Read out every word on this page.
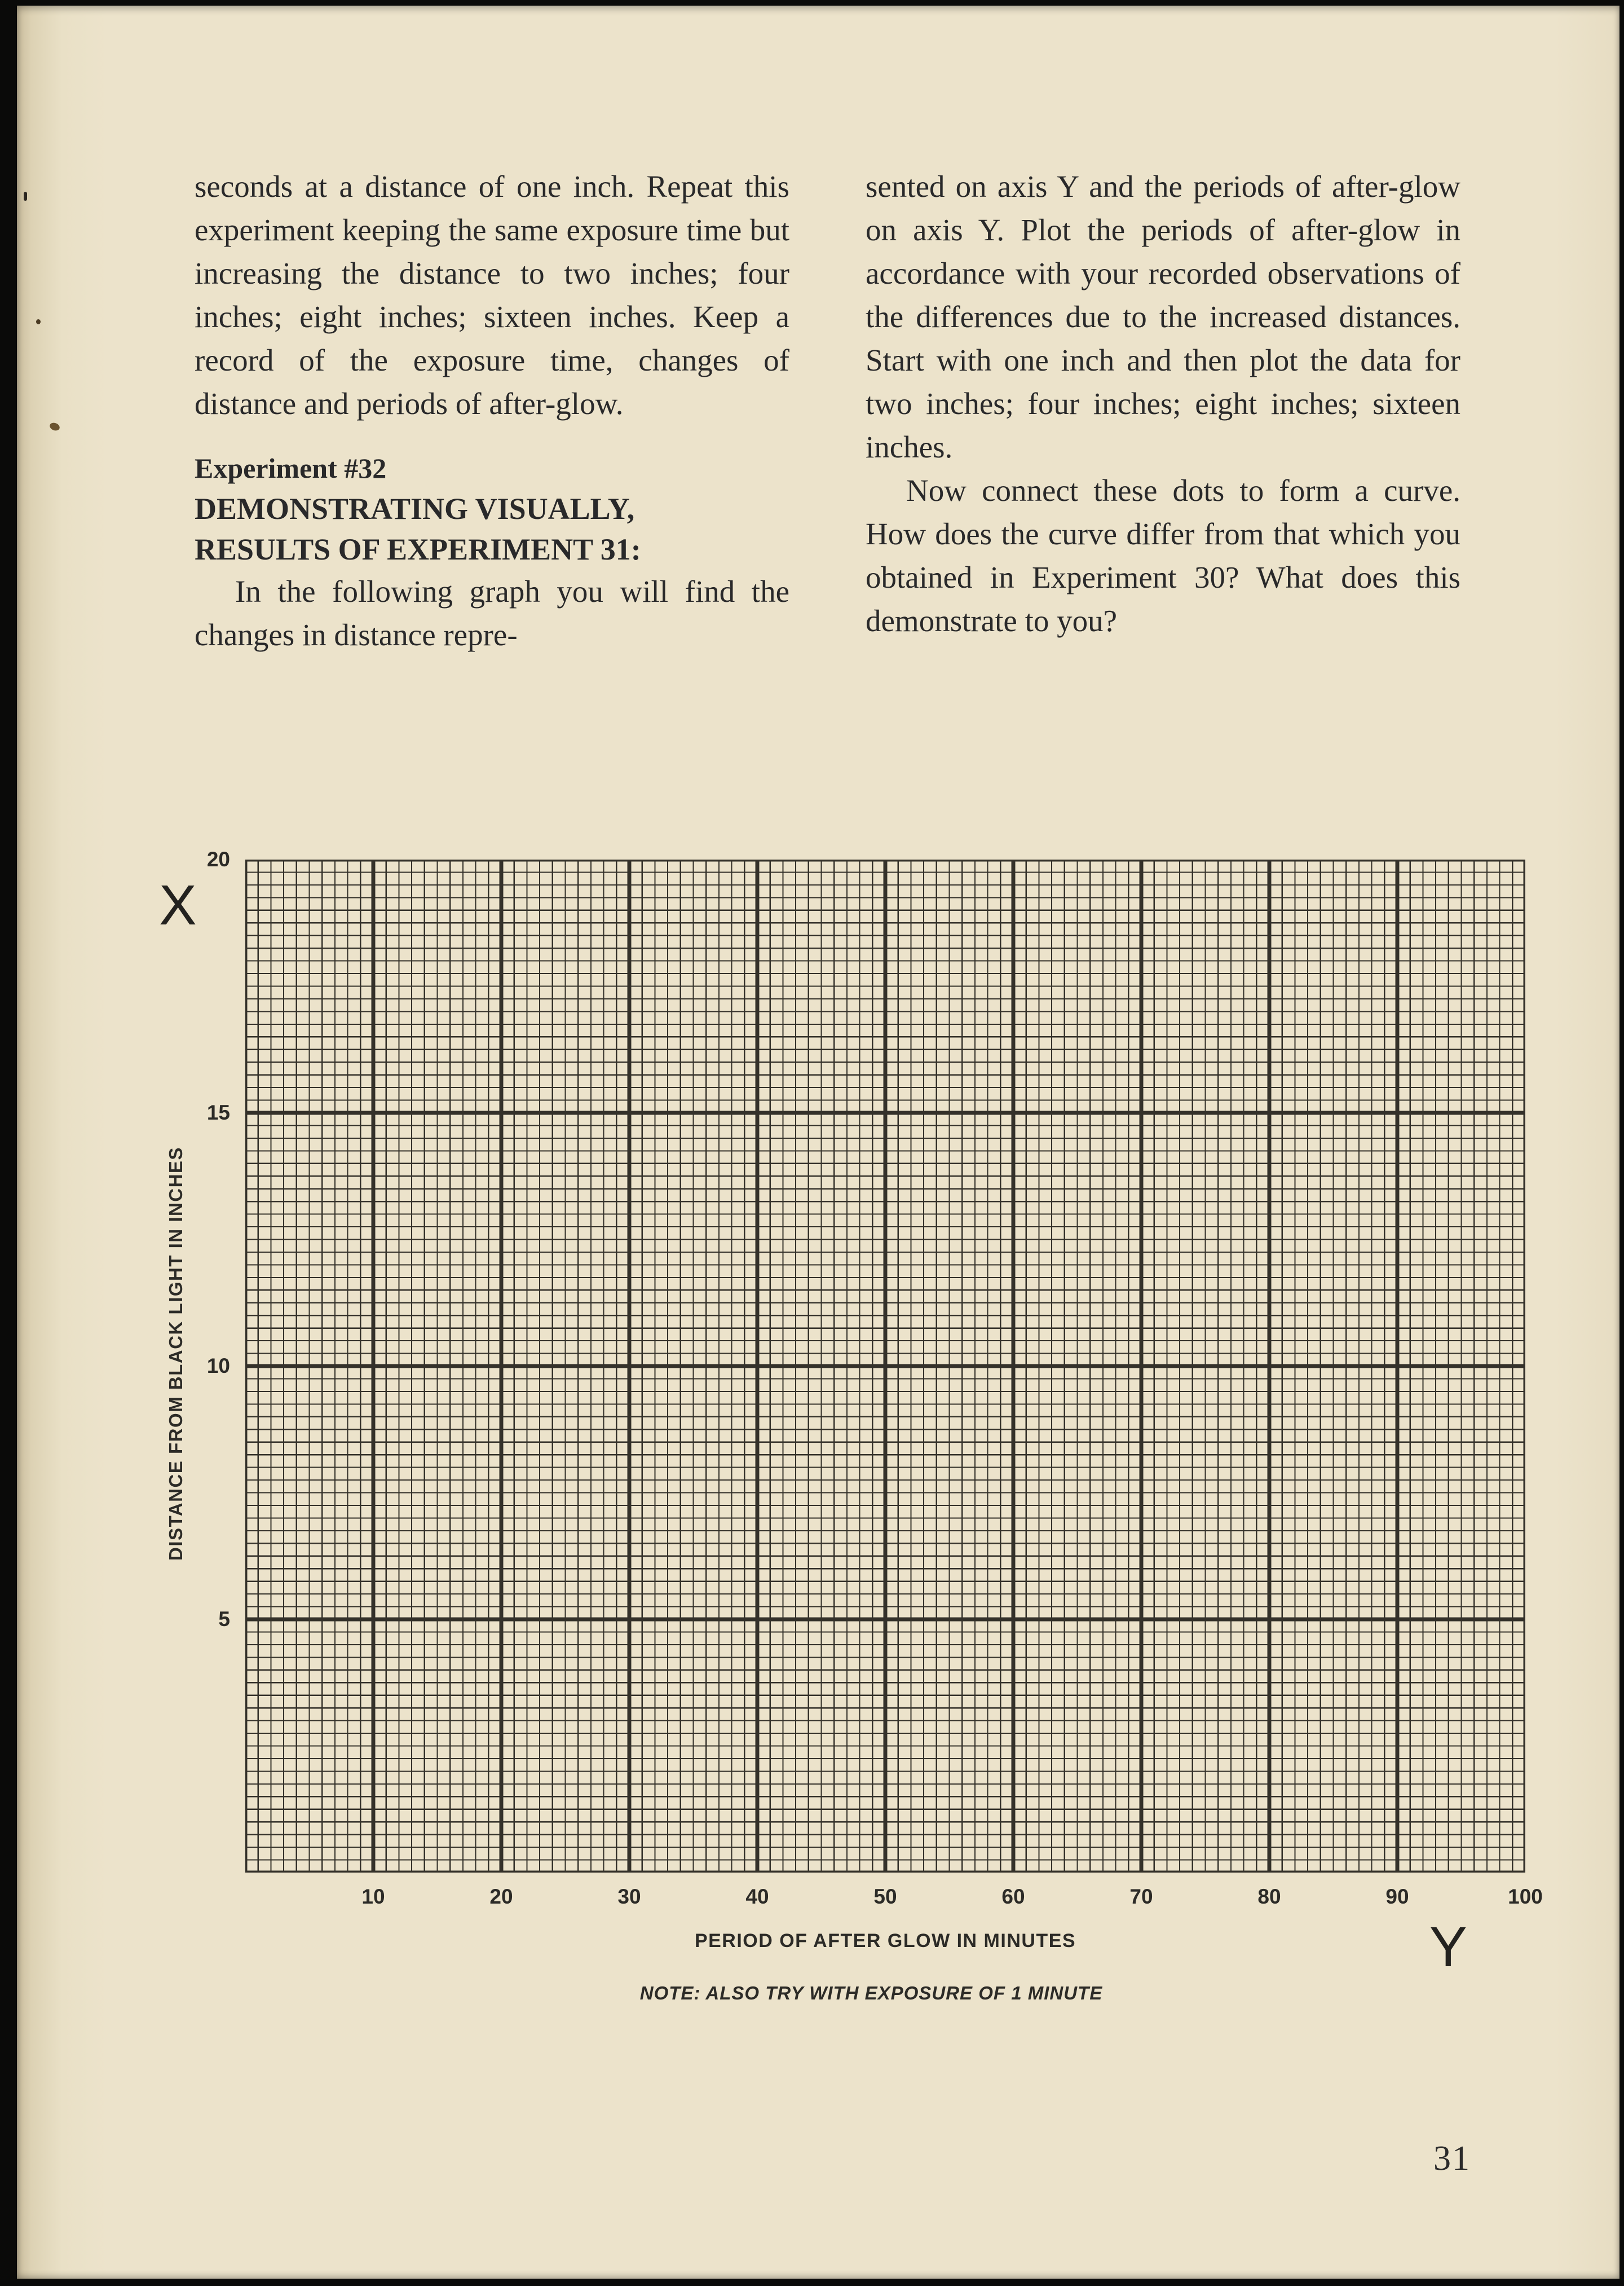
seconds at a distance of one inch. Repeat this experiment keeping the same exposure time but increasing the distance to two inches; four inches; eight inches; sixteen inches. Keep a record of the exposure time, changes of distance and periods of after-glow.

Experiment #32

DEMONSTRATING VISUALLY,

RESULTS OF EXPERIMENT 31:

In the following graph you will find the changes in distance repre-

sented on axis Y and the periods of after-glow on axis Y. Plot the periods of after-glow in accordance with your recorded observations of the differences due to the increased distances. Start with one inch and then plot the data for two inches; four inches; eight inches; sixteen inches.

Now connect these dots to form a curve. How does the curve differ from that which you obtained in Experiment 30? What does this demonstrate to you?

X
DISTANCE FROM BLACK LIGHT IN INCHES
5
10
15
20
10	20	30	40	50	60	70	80	90	100
PERIOD OF AFTER GLOW IN MINUTES	Y
NOTE: ALSO TRY WITH EXPOSURE OF 1 MINUTE
31
